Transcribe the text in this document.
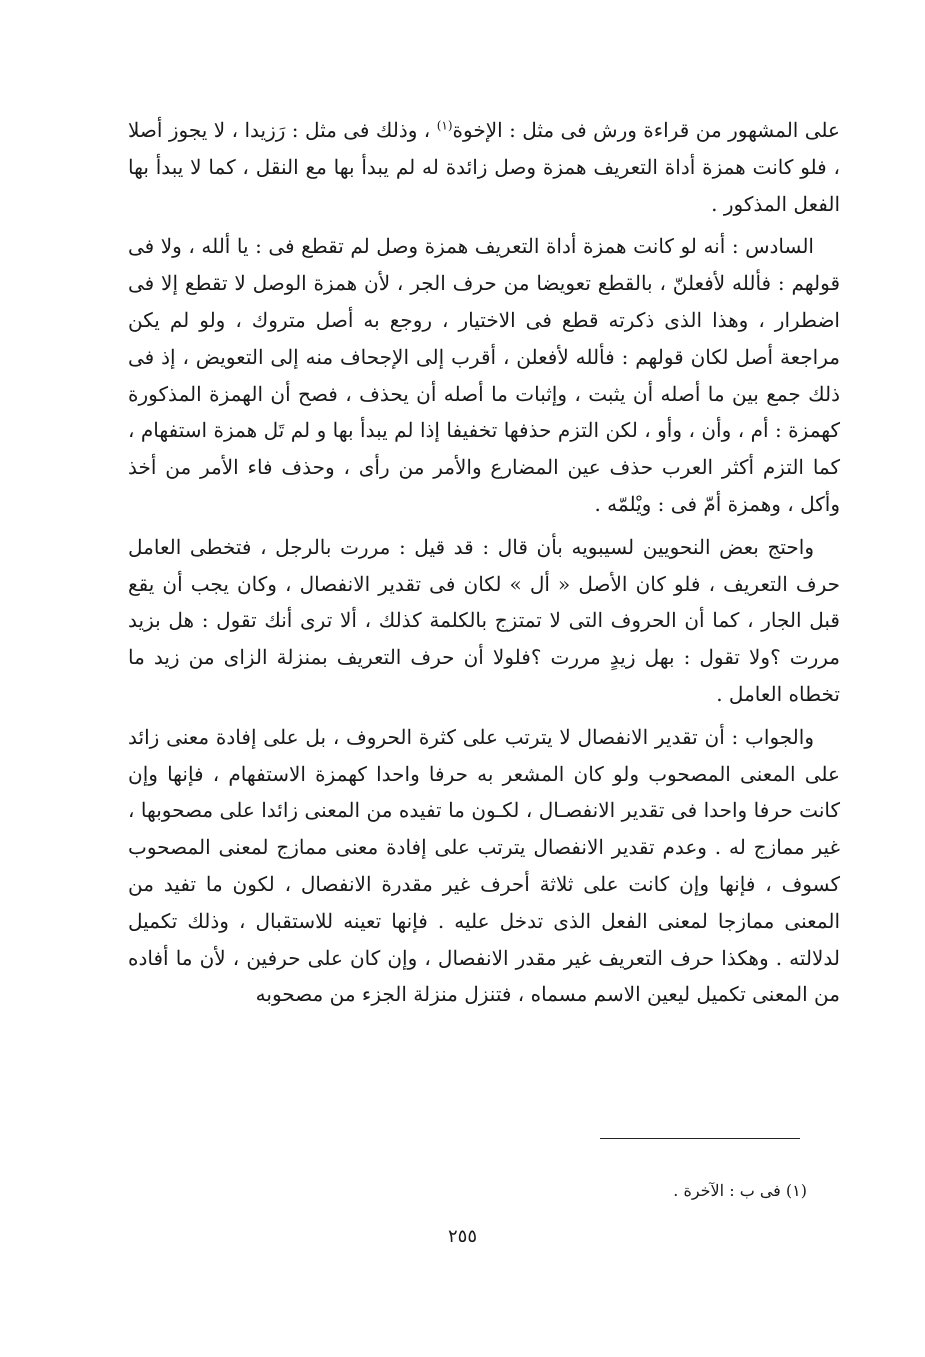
على المشهور من قراءة ورش فى مثل : الإخوة$^{(١)}$ ، وذلك فى مثل : رَزيدا ، لا يجوز أصلا ، فلو كانت همزة أداة التعريف همزة وصل زائدة له لم يبدأ بها مع النقل ، كما لا يبدأ بها الفعل المذكور .

السادس : أنه لو كانت همزة أداة التعريف همزة وصل لم تقطع فى : يا ألله ، ولا فى قولهم : فألله لأفعلنّ ، بالقطع تعويضا من حرف الجر ، لأن همزة الوصل لا تقطع إلا فى اضطرار ، وهذا الذى ذكرته قطع فى الاختيار ، روجع به أصل متروك ، ولو لم يكن مراجعة أصل لكان قولهم : فألله لأفعلن ، أقرب إلى الإجحاف منه إلى التعويض ، إذ فى ذلك جمع بين ما أصله أن يثبت ، وإثبات ما أصله أن يحذف ، فصح أن الهمزة المذكورة كهمزة : أم ، وأن ، وأو ، لكن التزم حذفها تخفيفا إذا لم يبدأ بها و لم تَل همزة استفهام ، كما التزم أكثر العرب حذف عين المضارع والأمر من رأى ، وحذف فاء الأمر من أخذ وأكل ، وهمزة أمّ فى : ويْلمّه .

واحتج بعض النحويين لسيبويه بأن قال : قد قيل : مررت بالرجل ، فتخطى العامل حرف التعريف ، فلو كان الأصل « أل » لكان فى تقدير الانفصال ، وكان يجب أن يقع قبل الجار ، كما أن الحروف التى لا تمتزج بالكلمة كذلك ، ألا ترى أنك تقول : هل بزيد مررت ؟ولا تقول : بهل زيدٍ مررت ؟فلولا أن حرف التعريف بمنزلة الزاى من زيد ما تخطاه العامل .

والجواب : أن تقدير الانفصال لا يترتب على كثرة الحروف ، بل على إفادة معنى زائد على المعنى المصحوب ولو كان المشعر به حرفا واحدا كهمزة الاستفهام ، فإنها وإن كانت حرفا واحدا فى تقدير الانفصـال ، لكـون ما تفيده من المعنى زائدا على مصحوبها ، غير ممازج له . وعدم تقدير الانفصال يترتب على إفادة معنى ممازج لمعنى المصحوب كسوف ، فإنها وإن كانت على ثلاثة أحرف غير مقدرة الانفصال ، لكون ما تفيد من المعنى ممازجا لمعنى الفعل الذى تدخل عليه . فإنها تعينه للاستقبال ، وذلك تكميل لدلالته . وهكذا حرف التعريف غير مقدر الانفصال ، وإن كان على حرفين ، لأن ما أفاده من المعنى تكميل ليعين الاسم مسماه ، فتنزل منزلة الجزء من مصحوبه

(١) فى ب : الآخرة .
٢٥٥
